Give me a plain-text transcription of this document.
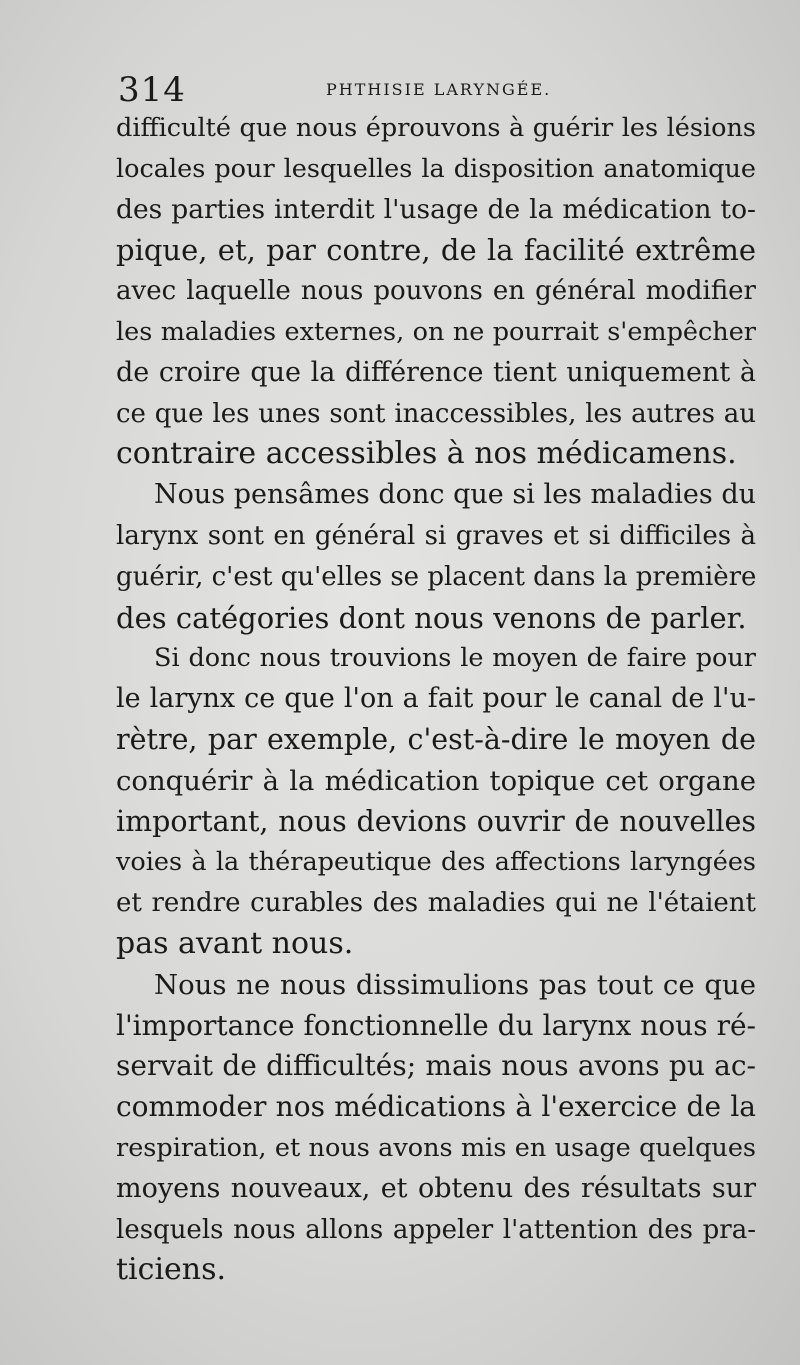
314	PHTHISIE LARYNGÉE.

difficulté que nous éprouvons à guérir les lésions
locales pour lesquelles la disposition anatomique
des parties interdit l'usage de la médication to-
pique, et, par contre, de la facilité extrême
avec laquelle nous pouvons en général modifier
les maladies externes, on ne pourrait s'empêcher
de croire que la différence tient uniquement à
ce que les unes sont inaccessibles, les autres au
contraire accessibles à nos médicamens.

Nous pensâmes donc que si les maladies du
larynx sont en général si graves et si difficiles à
guérir, c'est qu'elles se placent dans la première
des catégories dont nous venons de parler.

Si donc nous trouvions le moyen de faire pour
le larynx ce que l'on a fait pour le canal de l'u-
rètre, par exemple, c'est-à-dire le moyen de
conquérir à la médication topique cet organe
important, nous devions ouvrir de nouvelles
voies à la thérapeutique des affections laryngées
et rendre curables des maladies qui ne l'étaient
pas avant nous.

Nous ne nous dissimulions pas tout ce que
l'importance fonctionnelle du larynx nous ré-
servait de difficultés; mais nous avons pu ac-
commoder nos médications à l'exercice de la
respiration, et nous avons mis en usage quelques
moyens nouveaux, et obtenu des résultats sur
lesquels nous allons appeler l'attention des pra-
ticiens.
